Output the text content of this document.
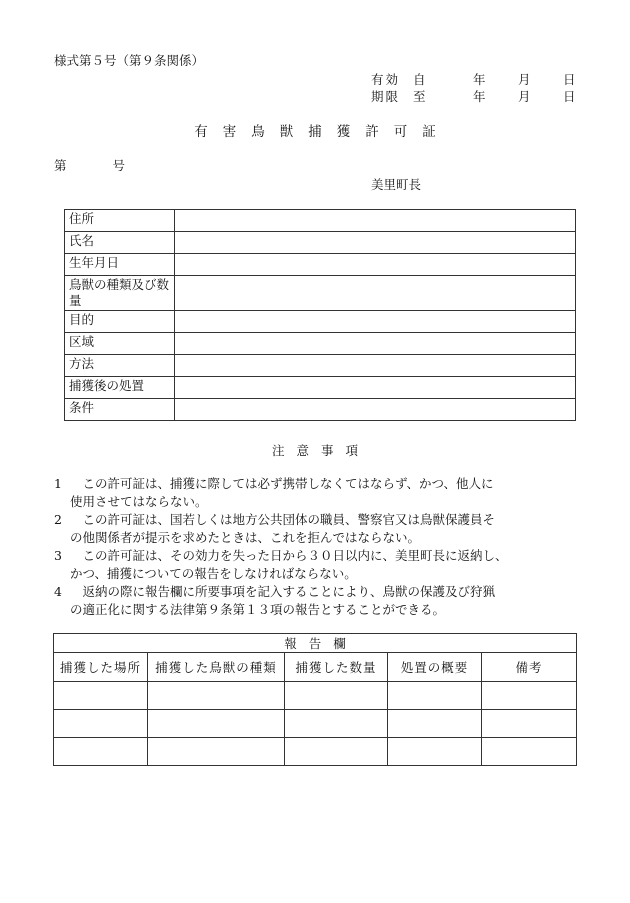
様式第５号（第９条関係）
有効	自	年	月	日
期限	至	年	月	日
有害鳥獣捕獲許可証
第	号
美里町長
住所	
氏名	
生年月日	
鳥獣の種類及び数量	
目的	
区域	
方法	
捕獲後の処置	
条件	
注意事項
1	　この許可証は、捕獲に際しては必ず携帯しなくてはならず、かつ、他人に
使用させてはならない。
2	　この許可証は、国若しくは地方公共団体の職員、警察官又は鳥獣保護員そ
の他関係者が提示を求めたときは、これを拒んではならない。
3	　この許可証は、その効力を失った日から３０日以内に、美里町長に返納し、
かつ、捕獲についての報告をしなければならない。
4	　返納の際に報告欄に所要事項を記入することにより、鳥獣の保護及び狩猟
の適正化に関する法律第９条第１３項の報告とすることができる。
報告欄				
捕獲した場所	捕獲した鳥獣の種類	捕獲した数量	処置の概要	備考
